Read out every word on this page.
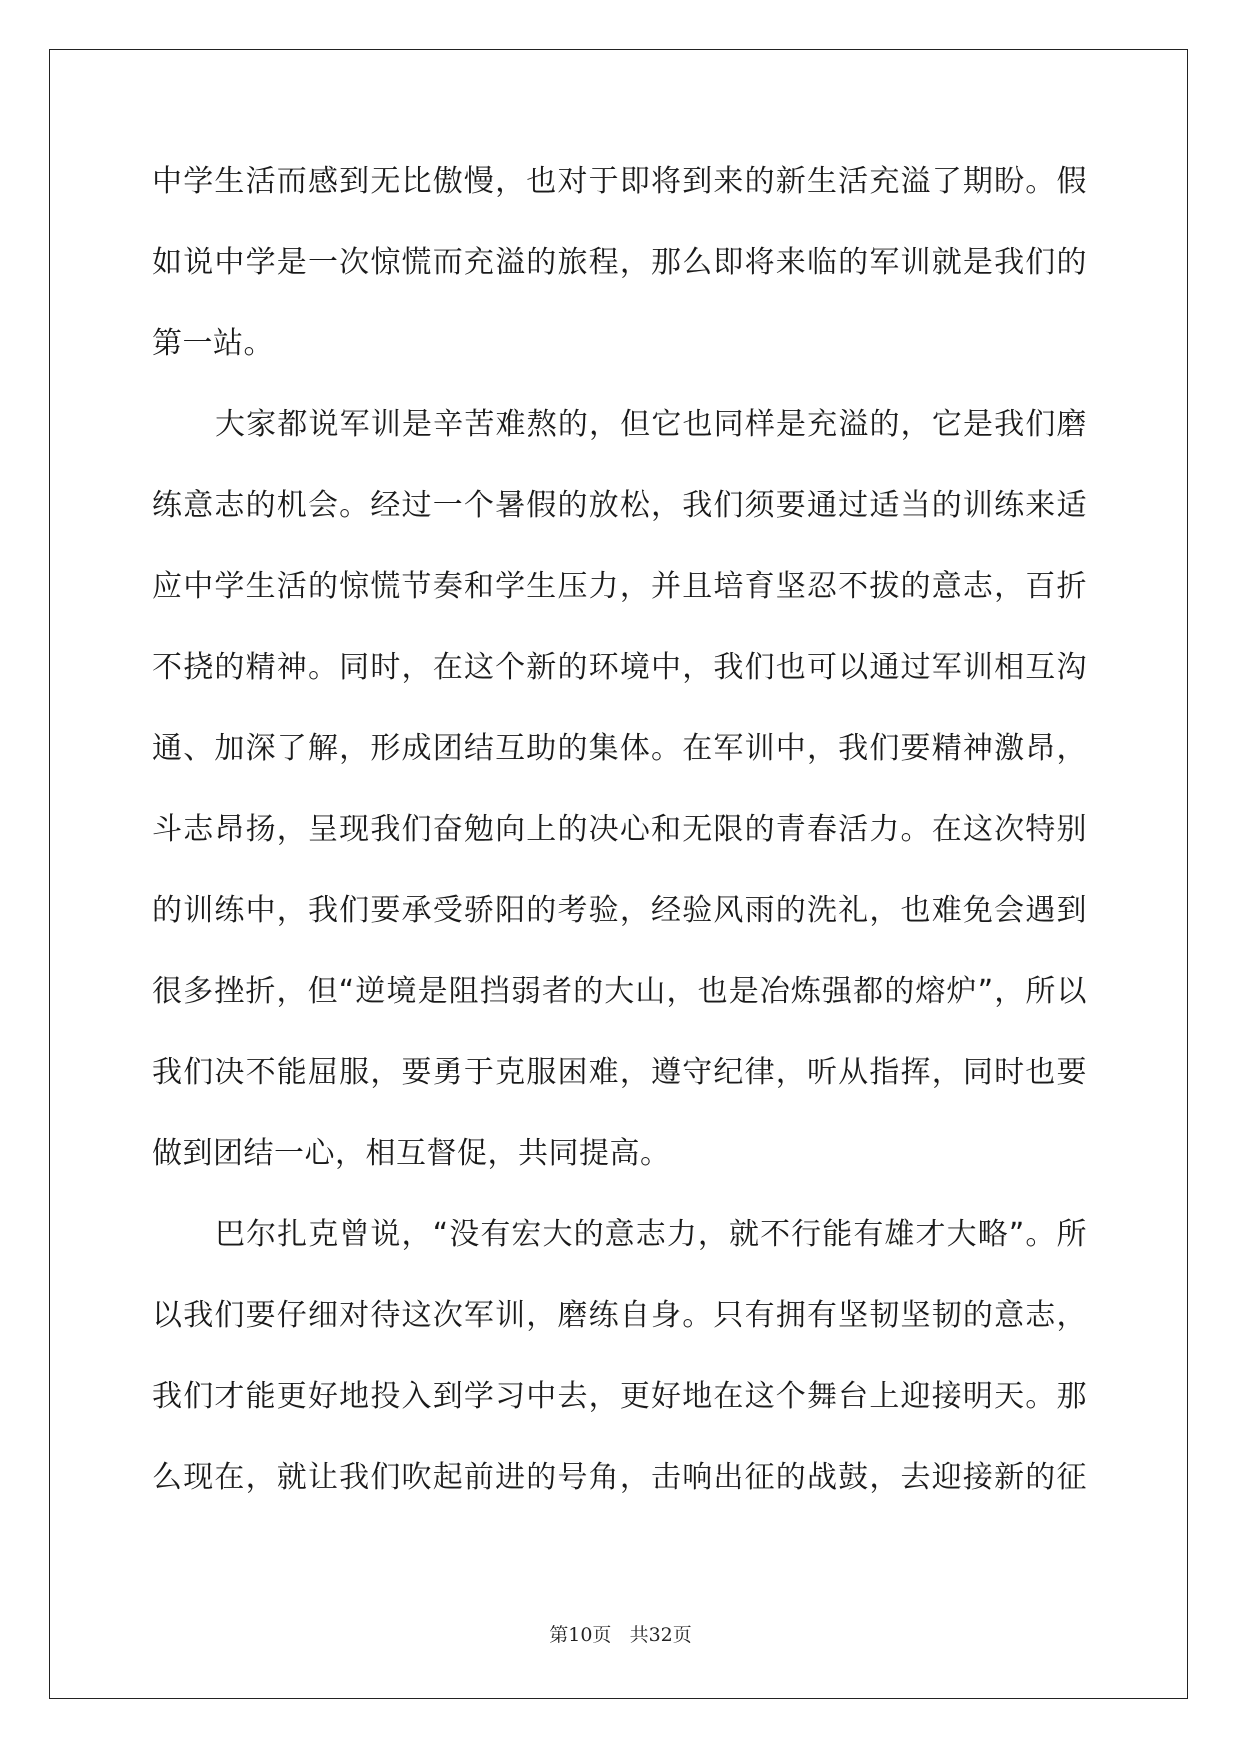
中学生活而感到无比傲慢，也对于即将到来的新生活充溢了期盼。假
如说中学是一次惊慌而充溢的旅程，那么即将来临的军训就是我们的
第一站。
大家都说军训是辛苦难熬的，但它也同样是充溢的，它是我们磨
练意志的机会。经过一个暑假的放松，我们须要通过适当的训练来适
应中学生活的惊慌节奏和学生压力，并且培育坚忍不拔的意志，百折
不挠的精神。同时，在这个新的环境中，我们也可以通过军训相互沟
通、加深了解，形成团结互助的集体。在军训中，我们要精神激昂，
斗志昂扬，呈现我们奋勉向上的决心和无限的青春活力。在这次特别
的训练中，我们要承受骄阳的考验，经验风雨的洗礼，也难免会遇到
很多挫折，但“逆境是阻挡弱者的大山，也是冶炼强都的熔炉”，所以
我们决不能屈服，要勇于克服困难，遵守纪律，听从指挥，同时也要
做到团结一心，相互督促，共同提高。
巴尔扎克曾说，“没有宏大的意志力，就不行能有雄才大略”。所
以我们要仔细对待这次军训，磨练自身。只有拥有坚韧坚韧的意志，
我们才能更好地投入到学习中去，更好地在这个舞台上迎接明天。那
么现在，就让我们吹起前进的号角，击响出征的战鼓，去迎接新的征
第10页 共32页
